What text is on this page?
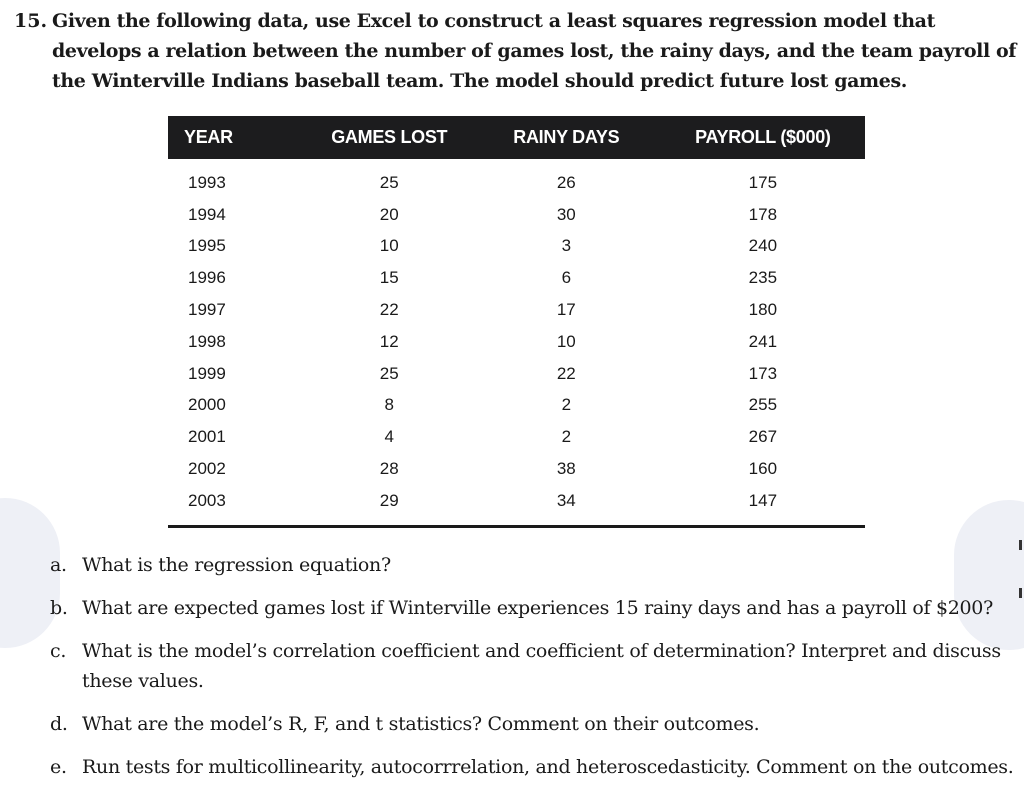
15. Given the following data, use Excel to construct a least squares regression model that develops a relation between the number of games lost, the rainy days, and the team payroll of the Winterville Indians baseball team. The model should predict future lost games.
YEAR	GAMES LOST	RAINY DAYS	PAYROLL ($000)
1993	25	26	175
1994	20	30	178
1995	10	3	240
1996	15	6	235
1997	22	17	180
1998	12	10	241
1999	25	22	173
2000	8	2	255
2001	4	2	267
2002	28	38	160
2003	29	34	147
a. What is the regression equation?
b. What are expected games lost if Winterville experiences 15 rainy days and has a payroll of $200?
c. What is the model’s correlation coefficient and coefficient of determination? Interpret and discuss these values.
d. What are the model’s R, F, and t statistics? Comment on their outcomes.
e. Run tests for multicollinearity, autocorrrelation, and heteroscedasticity. Comment on the outcomes.
